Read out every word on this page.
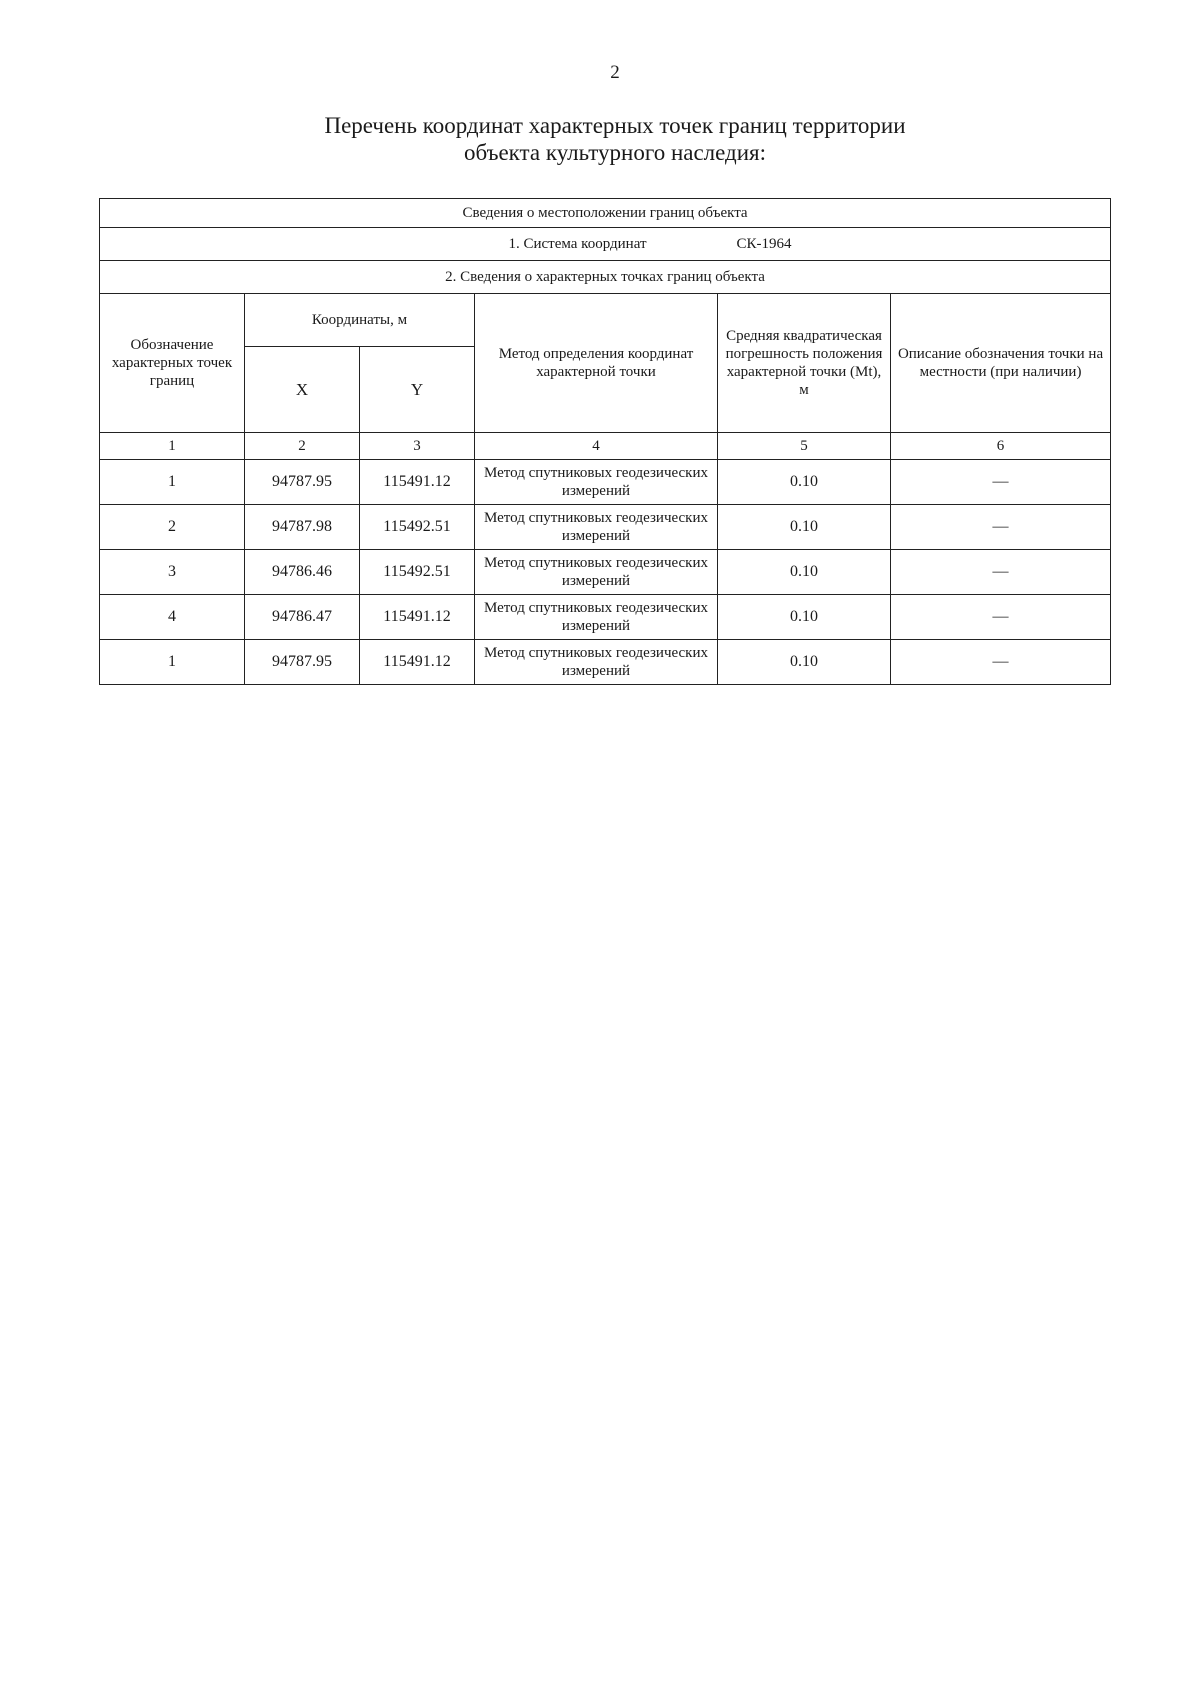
2
Перечень координат характерных точек границ территории
объекта культурного наследия:
Сведения о местоположении границ объекта					
1. Система координат СК-1964					
2. Сведения о характерных точках границ объекта					
Обозначение характерных точек границ	Координаты, м		Метод определения координат характерной точки	Средняя квадратическая погрешность положения характерной точки (Mt), м	Описание обозначения точки на местности (при наличии)
	X	Y			
1	2	3	4	5	6
1	94787.95	115491.12	Метод спутниковых геодезических измерений	0.10	—
2	94787.98	115492.51	Метод спутниковых геодезических измерений	0.10	—
3	94786.46	115492.51	Метод спутниковых геодезических измерений	0.10	—
4	94786.47	115491.12	Метод спутниковых геодезических измерений	0.10	—
1	94787.95	115491.12	Метод спутниковых геодезических измерений	0.10	—
